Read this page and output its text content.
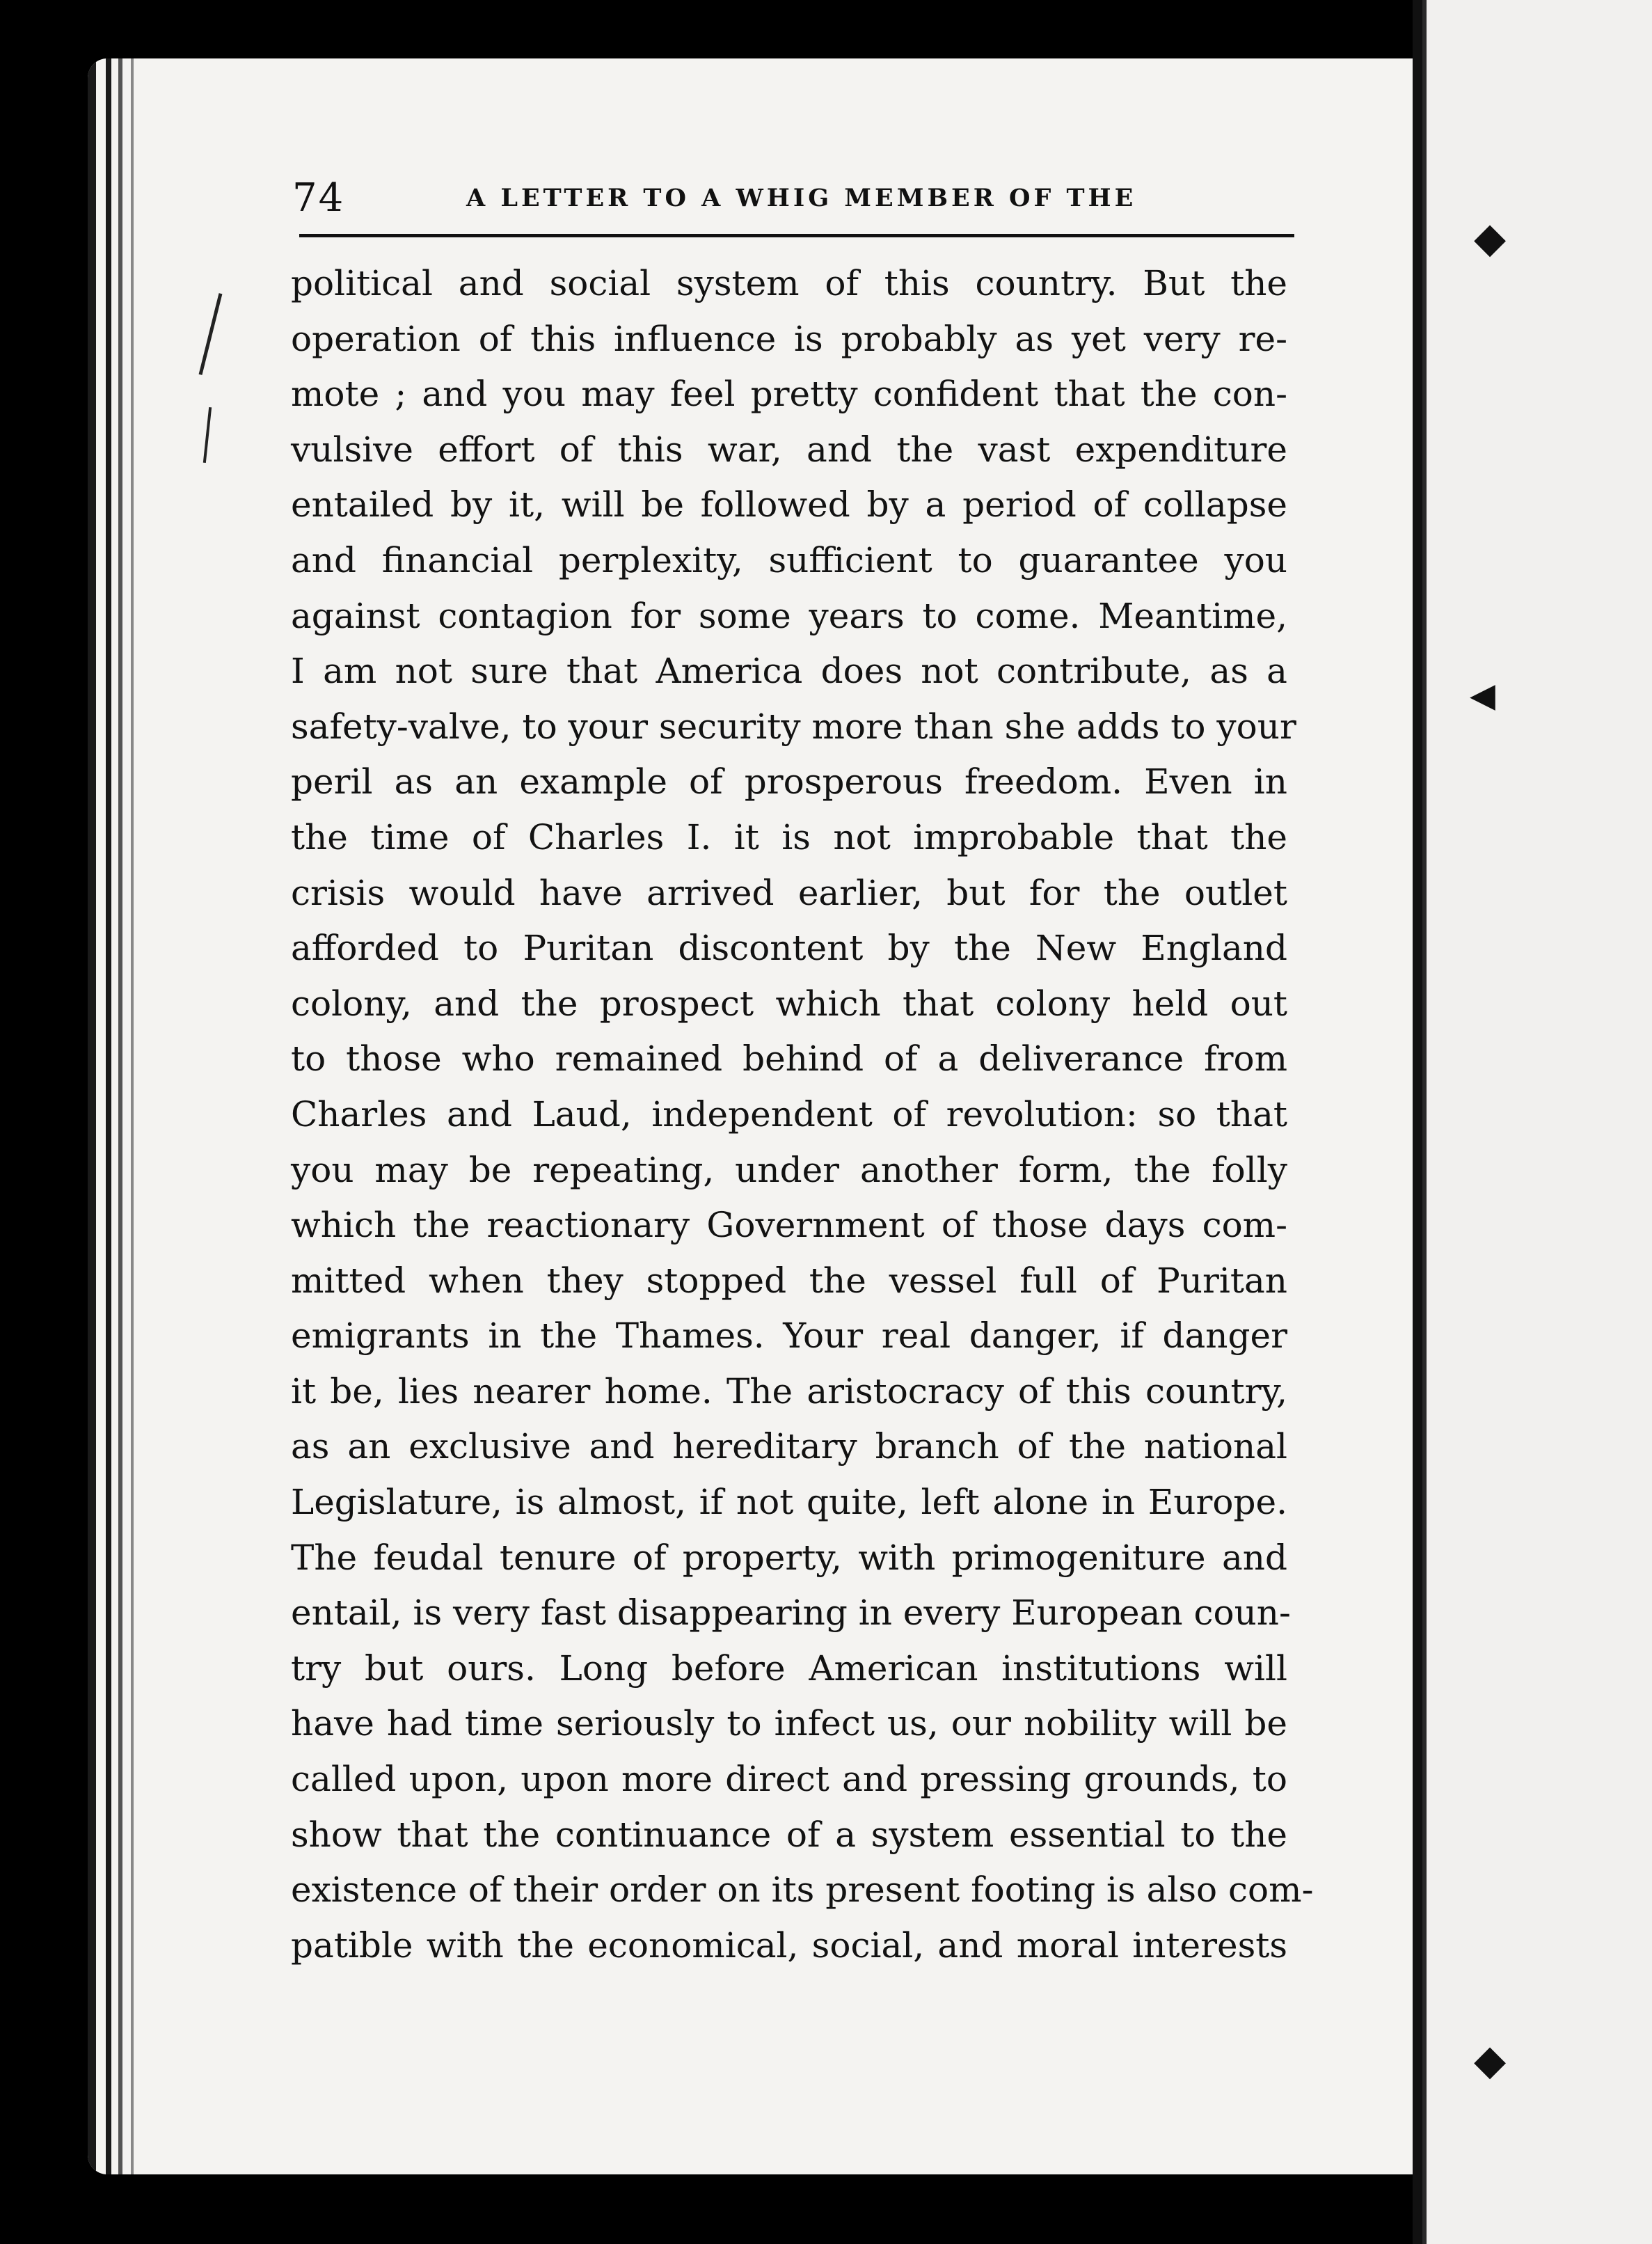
◆
◀
◆
74	A LETTER TO A WHIG MEMBER OF THE
political and social system of this country. But the
operation of this influence is probably as yet very re-
mote ; and you may feel pretty confident that the con-
vulsive effort of this war, and the vast expenditure
entailed by it, will be followed by a period of collapse
and financial perplexity, sufficient to guarantee you
against contagion for some years to come. Meantime,
I am not sure that America does not contribute, as a
safety-valve, to your security more than she adds to your
peril as an example of prosperous freedom. Even in
the time of Charles I. it is not improbable that the
crisis would have arrived earlier, but for the outlet
afforded to Puritan discontent by the New England
colony, and the prospect which that colony held out
to those who remained behind of a deliverance from
Charles and Laud, independent of revolution: so that
you may be repeating, under another form, the folly
which the reactionary Government of those days com-
mitted when they stopped the vessel full of Puritan
emigrants in the Thames. Your real danger, if danger
it be, lies nearer home. The aristocracy of this country,
as an exclusive and hereditary branch of the national
Legislature, is almost, if not quite, left alone in Europe.
The feudal tenure of property, with primogeniture and
entail, is very fast disappearing in every European coun-
try but ours. Long before American institutions will
have had time seriously to infect us, our nobility will be
called upon, upon more direct and pressing grounds, to
show that the continuance of a system essential to the
existence of their order on its present footing is also com-
patible with the economical, social, and moral interests
